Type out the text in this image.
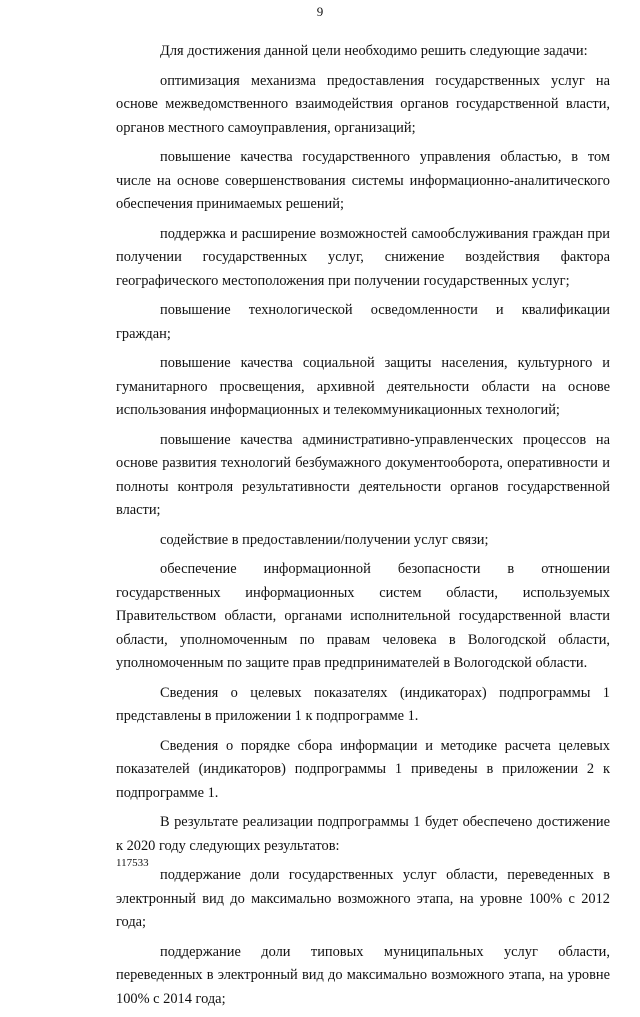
9

Для достижения данной цели необходимо решить следующие задачи:

оптимизация механизма предоставления государственных услуг на основе межведомственного взаимодействия органов государственной власти, органов местного самоуправления, организаций;

повышение качества государственного управления областью, в том числе на основе совершенствования системы информационно-аналитического обеспечения принимаемых решений;

поддержка и расширение возможностей самообслуживания граждан при получении государственных услуг, снижение воздействия фактора географического местоположения при получении государственных услуг;

повышение технологической осведомленности и квалификации граждан;

повышение качества социальной защиты населения, культурного и гуманитарного просвещения, архивной деятельности области на основе использования информационных и телекоммуникационных технологий;

повышение качества административно-управленческих процессов на основе развития технологий безбумажного документооборота, оперативности и полноты контроля результативности деятельности органов государственной власти;

содействие в предоставлении/получении услуг связи;

обеспечение информационной безопасности в отношении государственных информационных систем области, используемых Правительством области, органами исполнительной государственной власти области, уполномоченным по правам человека в Вологодской области, уполномоченным по защите прав предпринимателей в Вологодской области.

Сведения о целевых показателях (индикаторах) подпрограммы 1 представлены в приложении 1 к подпрограмме 1.

Сведения о порядке сбора информации и методике расчета целевых показателей (индикаторов) подпрограммы 1 приведены в приложении 2 к подпрограмме 1.

В результате реализации подпрограммы 1 будет обеспечено достижение к 2020 году следующих результатов:

поддержание доли государственных услуг области, переведенных в электронный вид до максимально возможного этапа, на уровне 100% с 2012 года;

поддержание доли типовых муниципальных услуг области, переведенных в электронный вид до максимально возможного этапа, на уровне 100% с 2014 года;

117533
